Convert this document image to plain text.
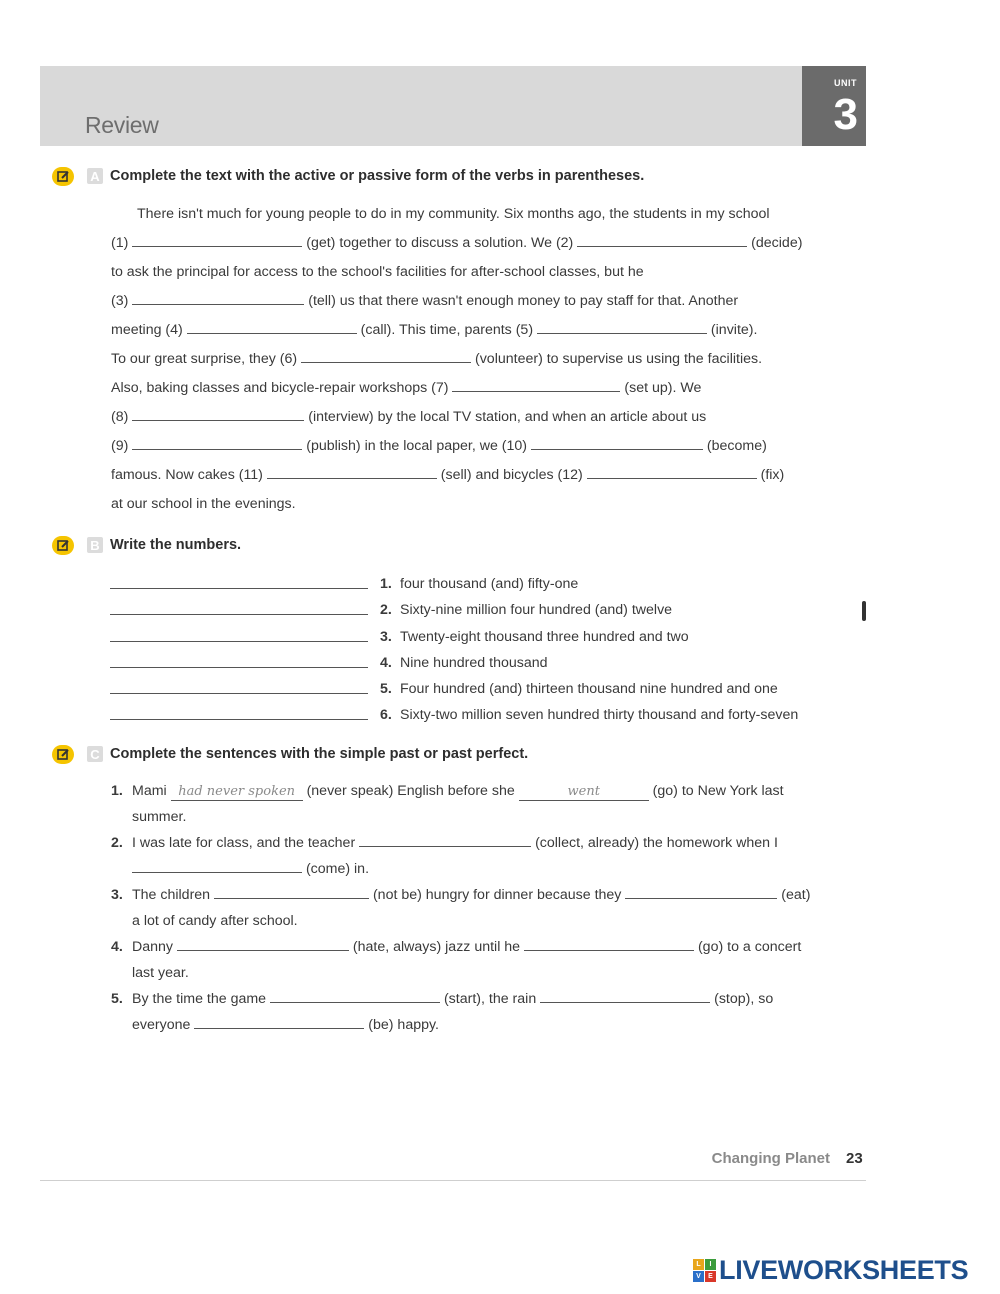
Review
UNIT
3
A Complete the text with the active or passive form of the verbs in parentheses.
There isn't much for young people to do in my community. Six months ago, the students in my school
(1)	(get) together to discuss a solution. We (2)	(decide)
to ask the principal for access to the school's facilities for after-school classes, but he
(3)	(tell) us that there wasn't enough money to pay staff for that. Another
meeting (4)	(call). This time, parents (5)	(invite).
To our great surprise, they (6)	(volunteer) to supervise us using the facilities.
Also, baking classes and bicycle-repair workshops (7)	(set up). We
(8)	(interview) by the local TV station, and when an article about us
(9)	(publish) in the local paper, we (10)	(become)
famous. Now cakes (11)	(sell) and bicycles (12)	(fix)
at our school in the evenings.
B Write the numbers.
1. four thousand (and) fifty-one
2. Sixty-nine million four hundred (and) twelve
3. Twenty-eight thousand three hundred and two
4. Nine hundred thousand
5. Four hundred (and) thirteen thousand nine hundred and one
6. Sixty-two million seven hundred thirty thousand and forty-seven
C Complete the sentences with the simple past or past perfect.
1. Mami had never spoken (never speak) English before she	went	(go) to New York last
summer.
2. I was late for class, and the teacher	(collect, already) the homework when I
(come) in.
3. The children	(not be) hungry for dinner because they	(eat)
a lot of candy after school.
4. Danny	(hate, always) jazz until he	(go) to a concert
last year.
5. By the time the game	(start), the rain	(stop), so
everyone	(be) happy.
Changing Planet 23
L	I
V	E LIVEWORKSHEETS
